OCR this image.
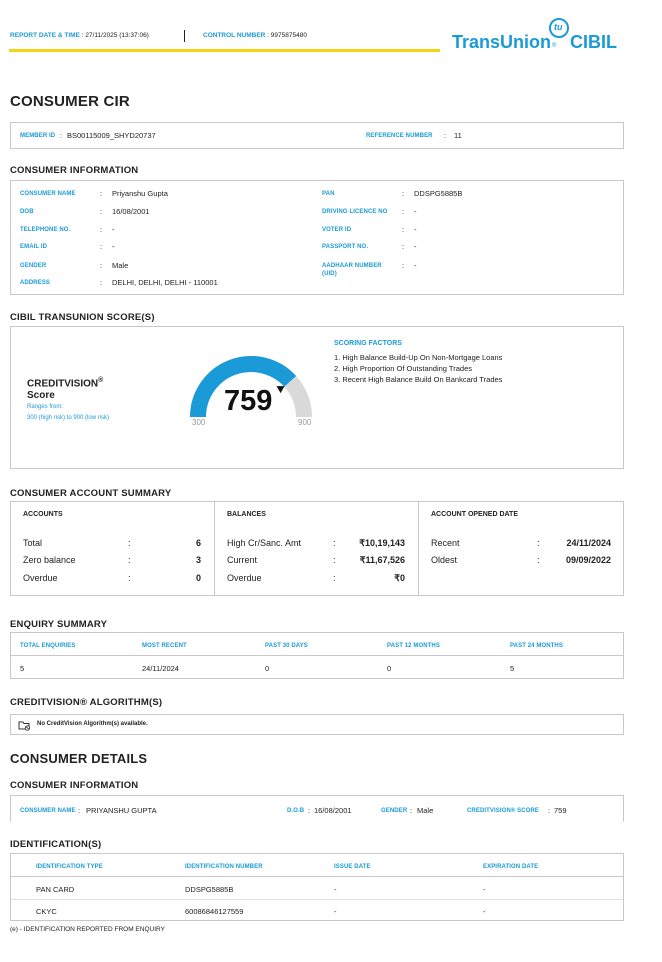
REPORT DATE & TIME : 27/11/2025 (13:37:06)	CONTROL NUMBER : 9975875480
tu
TransUnion ® CIBIL
CONSUMER CIR
MEMBER ID : BS00115009_SHYD20737	REFERENCE NUMBER : 11
CONSUMER INFORMATION
CONSUMER NAME	: Priyanshu Gupta
DOB	: 16/08/2001
TELEPHONE NO.	: -
EMAIL ID	: -
GENDER	: Male
ADDRESS	: DELHI, DELHI, DELHI - 110001
PAN	: DDSPG5885B
DRIVING LICENCE NO : -
VOTER ID	: -
PASSPORT NO.	: -
AADHAAR NUMBER
(UID)
: -
CIBIL TRANSUNION SCORE(S)
CREDITVISION®
Score
Ranges from:
300 (high risk) to 900 (low risk)
759
300	900
SCORING FACTORS
1. High Balance Build-Up On Non-Mortgage Loans
2. High Proportion Of Outstanding Trades
3. Recent High Balance Build On Bankcard Trades
CONSUMER ACCOUNT SUMMARY
ACCOUNTS
Total	:	6
Zero balance	:	3
Overdue	:	0
BALANCES
High Cr/Sanc. Amt	:	₹10,19,143
Current	:	₹11,67,526
Overdue	:	₹0
ACCOUNT OPENED DATE
Recent	:	24/11/2024
Oldest	:	09/09/2022
ENQUIRY SUMMARY
TOTAL ENQUIRIES	MOST RECENT	PAST 30 DAYS	PAST 12 MONTHS	PAST 24 MONTHS
5	24/11/2024	0	0	5
CREDITVISION® ALGORITHM(S)
No CreditVision Algorithm(s) available.
CONSUMER DETAILS
CONSUMER INFORMATION
CONSUMER NAME : PRIYANSHU GUPTA	D.O.B : 16/08/2001	GENDER : Male	CREDITVISION® SCORE : 759
IDENTIFICATION(S)
IDENTIFICATION TYPE	IDENTIFICATION NUMBER	ISSUE DATE	EXPIRATION DATE
PAN CARD	DDSPG5885B	-	-
CKYC	60086846127559	-	-
(e) - IDENTIFICATION REPORTED FROM ENQUIRY
